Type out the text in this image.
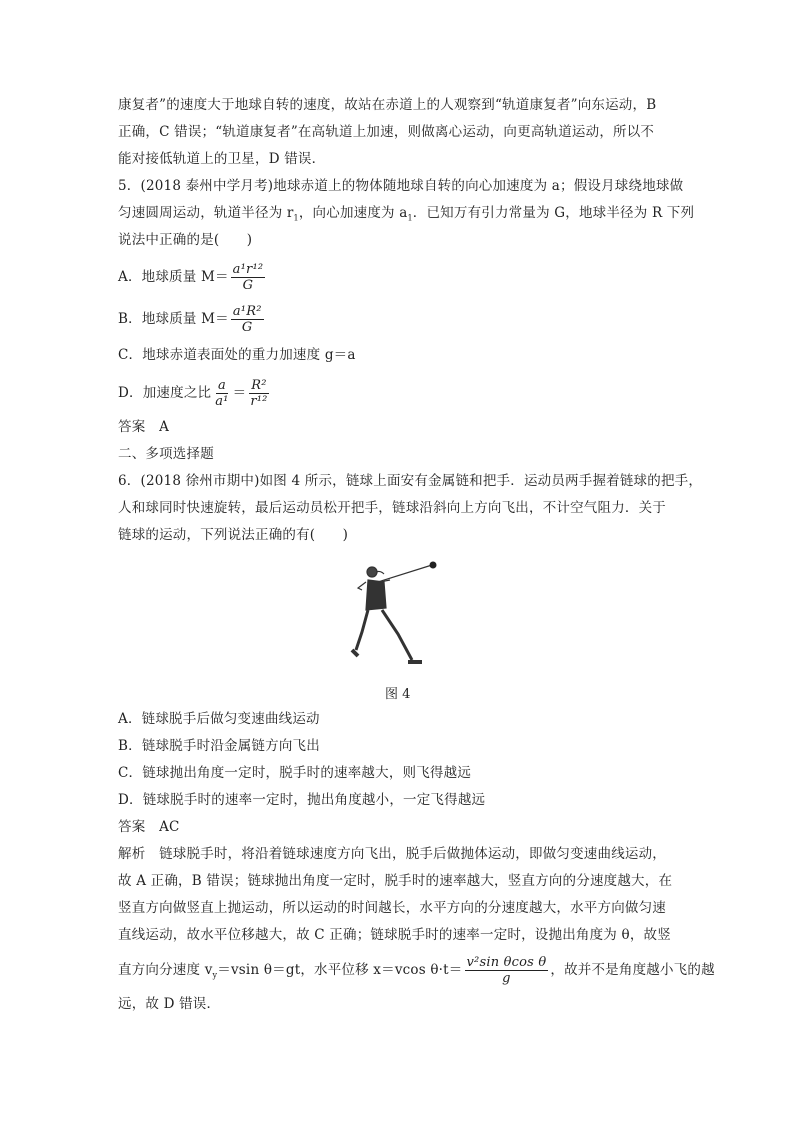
康复者”的速度大于地球自转的速度，故站在赤道上的人观察到“轨道康复者”向东运动，B
正确，C 错误；“轨道康复者”在高轨道上加速，则做离心运动，向更高轨道运动，所以不
能对接低轨道上的卫星，D 错误．
5．(2018 泰州中学月考)地球赤道上的物体随地球自转的向心加速度为 a；假设月球绕地球做
匀速圆周运动，轨道半径为 $r_1$，向心加速度为 $a_1$．已知万有引力常量为 G，地球半径为 R 下列
说法中正确的是(　　)
A．地球质量 $M= \frac{\text{a¹r¹²}}{G}$
B．地球质量 $M= \frac{\text{a¹R²}}{G}$
C．地球赤道表面处的重力加速度 g＝a
D．加速度之比 $\frac{a}{\text{a¹}} = \frac{\text{R²}}{\text{r¹²}}$
答案　A
二、多项选择题
6．(2018 徐州市期中)如图 4 所示，链球上面安有金属链和把手．运动员两手握着链球的把手，
人和球同时快速旋转，最后运动员松开把手，链球沿斜向上方向飞出，不计空气阻力．关于
链球的运动，下列说法正确的有(　　)
图 4
A．链球脱手后做匀变速曲线运动
B．链球脱手时沿金属链方向飞出
C．链球抛出角度一定时，脱手时的速率越大，则飞得越远
D．链球脱手时的速率一定时，抛出角度越小，一定飞得越远
答案　AC
解析　链球脱手时，将沿着链球速度方向飞出，脱手后做抛体运动，即做匀变速曲线运动，
故 A 正确，B 错误；链球抛出角度一定时，脱手时的速率越大，竖直方向的分速度越大，在
竖直方向做竖直上抛运动，所以运动的时间越长，水平方向的分速度越大，水平方向做匀速
直线运动，故水平位移越大，故 C 正确；链球脱手时的速率一定时，设抛出角度为 θ，故竖
直方向分速度 $v_y=vsin$ θ＝gt，水平位移 x＝vcos $\theta\cdot t= \frac{\text{v²sin θcos θ}}{g}$ ，故并不是角度越小飞的越
远，故 D 错误．
